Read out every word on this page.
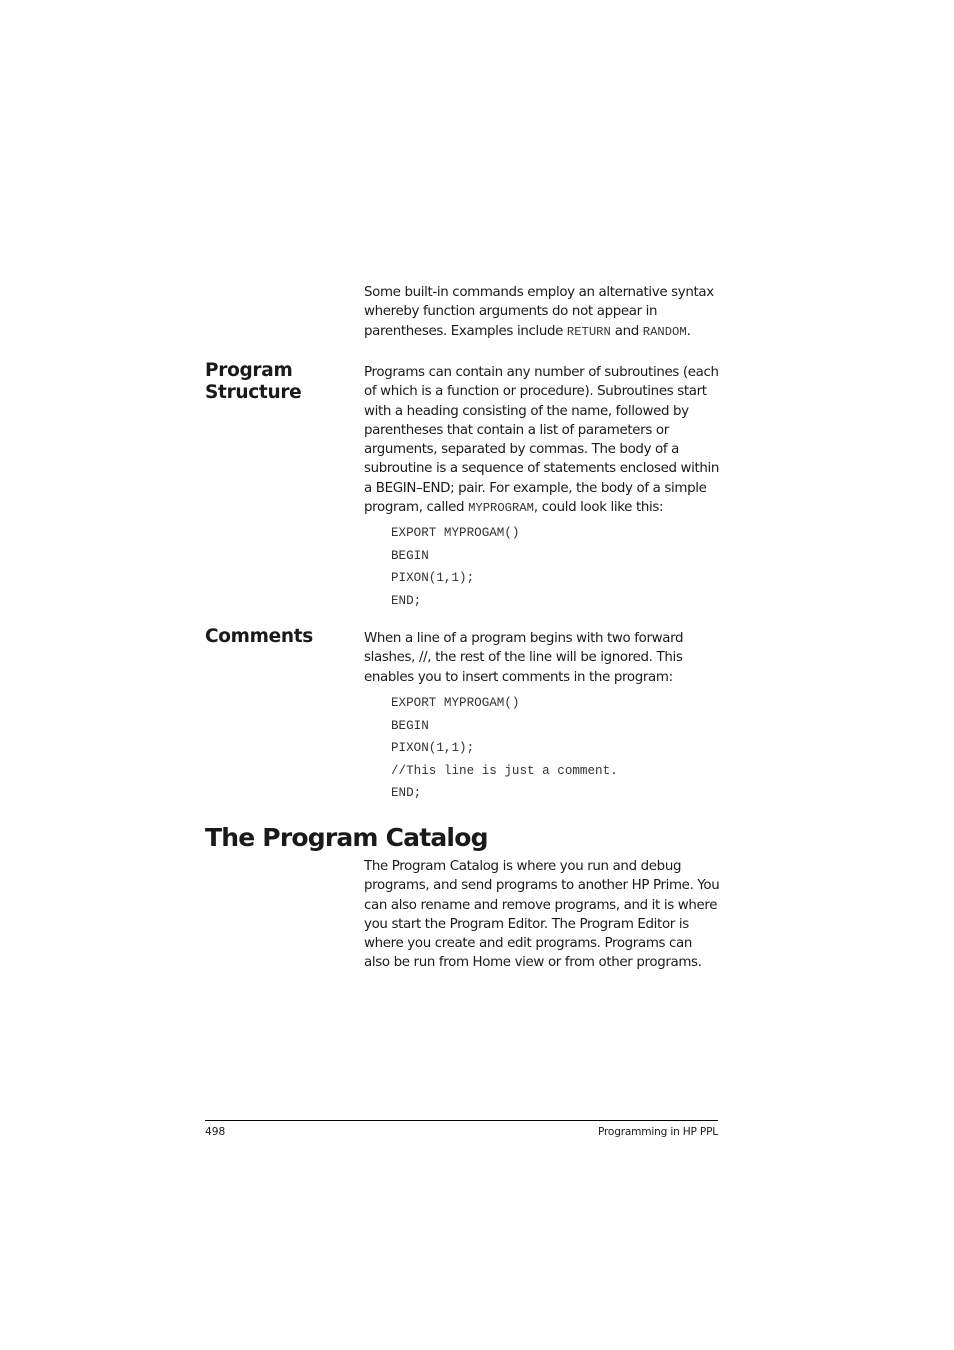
Some built-in commands employ an alternative syntax whereby function arguments do not appear in parentheses. Examples include RETURN and RANDOM.

Program Structure

Programs can contain any number of subroutines (each of which is a function or procedure). Subroutines start with a heading consisting of the name, followed by parentheses that contain a list of parameters or arguments, separated by commas. The body of a subroutine is a sequence of statements enclosed within a BEGIN–END; pair. For example, the body of a simple program, called MYPROGRAM, could look like this:

EXPORT MYPROGAM()
BEGIN
PIXON(1,1);
END;
Comments	When a line of a program begins with two forward slashes, //, the rest of the line will be ignored. This enables you to insert comments in the program:

EXPORT MYPROGAM()
BEGIN
PIXON(1,1);
//This line is just a comment.
END;
The Program Catalog

The Program Catalog is where you run and debug programs, and send programs to another HP Prime. You can also rename and remove programs, and it is where you start the Program Editor. The Program Editor is where you create and edit programs. Programs can also be run from Home view or from other programs.

498	Programming in HP PPL
